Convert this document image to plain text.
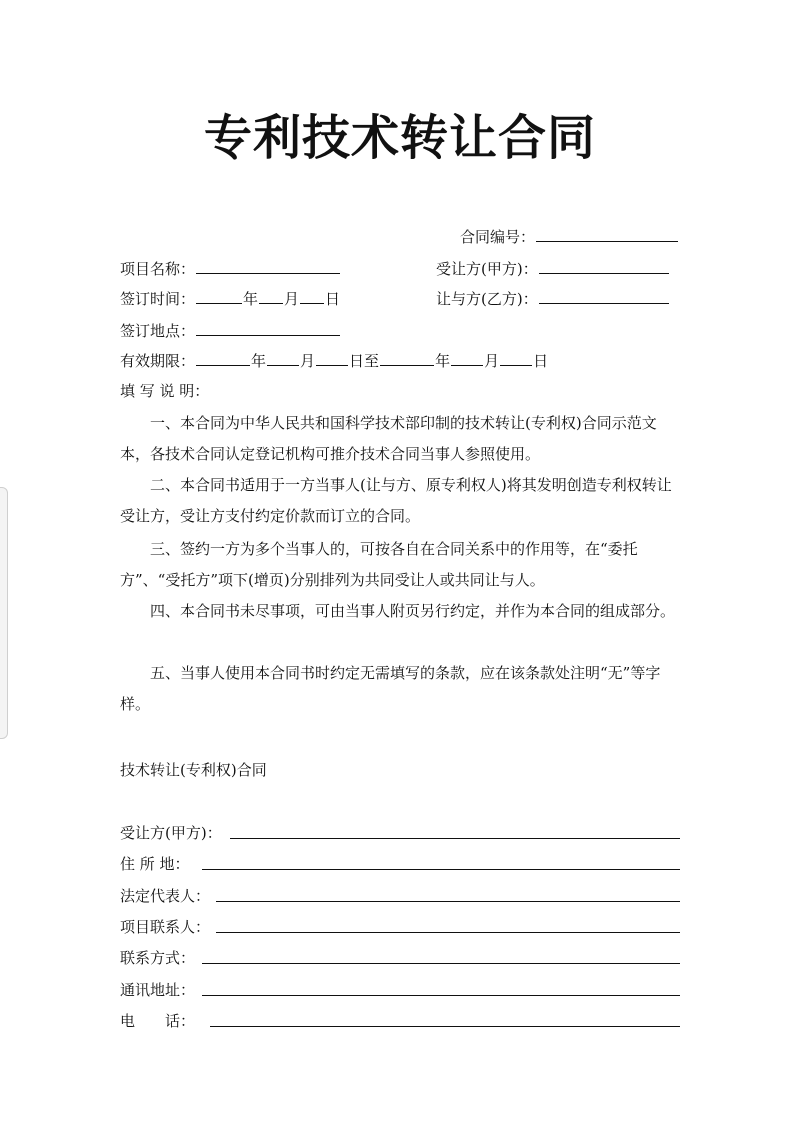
专利技术转让合同
合同编号：
项目名称：	受让方(甲方)：
签订时间：	年 月 日	让与方(乙方)：
签订地点：
有效期限：	年 月 日至	年 月 日
填 写 说 明：
一、本合同为中华人民共和国科学技术部印制的技术转让(专利权)合同示范文本，各技术合同认定登记机构可推介技术合同当事人参照使用。
二、本合同书适用于一方当事人(让与方、原专利权人)将其发明创造专利权转让受让方，受让方支付约定价款而订立的合同。
三、签约一方为多个当事人的，可按各自在合同关系中的作用等，在“委托方”、“受托方”项下(增页)分别排列为共同受让人或共同让与人。
四、本合同书未尽事项，可由当事人附页另行约定，并作为本合同的组成部分。
五、当事人使用本合同书时约定无需填写的条款，应在该条款处注明“无”等字样。
技术转让(专利权)合同
受让方(甲方)：
住 所 地：
法定代表人：
项目联系人：
联系方式：
通讯地址：
电　　话：
